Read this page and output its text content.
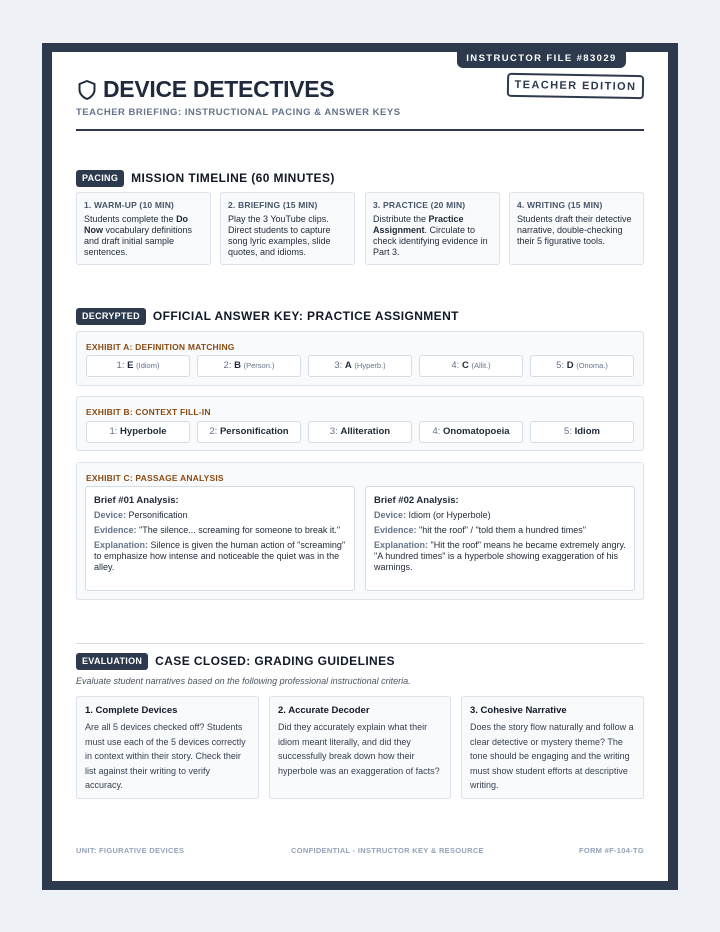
INSTRUCTOR FILE #83029
TEACHER EDITION
DEVICE DETECTIVES
TEACHER BRIEFING: INSTRUCTIONAL PACING & ANSWER KEYS
PACING	MISSION TIMELINE (60 MINUTES)
1. WARM-UP (10 MIN)
Students complete the Do Now vocabulary definitions and draft initial sample sentences.
2. BRIEFING (15 MIN)
Play the 3 YouTube clips. Direct students to capture song lyric examples, slide quotes, and idioms.
3. PRACTICE (20 MIN)
Distribute the Practice Assignment. Circulate to check identifying evidence in Part 3.
4. WRITING (15 MIN)
Students draft their detective narrative, double-checking their 5 figurative tools.
DECRYPTED	OFFICIAL ANSWER KEY: PRACTICE ASSIGNMENT
EXHIBIT A: DEFINITION MATCHING
1: E (Idiom)	2: B (Person.)	3: A (Hyperb.)	4: C (Allit.)	5: D (Onoma.)
EXHIBIT B: CONTEXT FILL-IN
1: Hyperbole	2: Personification	3: Alliteration	4: Onomatopoeia	5: Idiom
EXHIBIT C: PASSAGE ANALYSIS
Brief #01 Analysis:

Device: Personification

Evidence: "The silence... screaming for someone to break it."

Explanation: Silence is given the human action of "screaming" to emphasize how intense and noticeable the quiet was in the alley.

Brief #02 Analysis:

Device: Idiom (or Hyperbole)

Evidence: "hit the roof" / "told them a hundred times"

Explanation: "Hit the roof" means he became extremely angry. "A hundred times" is a hyperbole showing exaggeration of his warnings.

EVALUATION	CASE CLOSED: GRADING GUIDELINES
Evaluate student narratives based on the following professional instructional criteria.
1. Complete Devices
Are all 5 devices checked off? Students must use each of the 5 devices correctly in context within their story. Check their list against their writing to verify accuracy.
2. Accurate Decoder
Did they accurately explain what their idiom meant literally, and did they successfully break down how their hyperbole was an exaggeration of facts?
3. Cohesive Narrative
Does the story flow naturally and follow a clear detective or mystery theme? The tone should be engaging and the writing must show student efforts at descriptive writing.
UNIT: FIGURATIVE DEVICES	CONFIDENTIAL - INSTRUCTOR KEY & RESOURCE	FORM #F-104-TG
